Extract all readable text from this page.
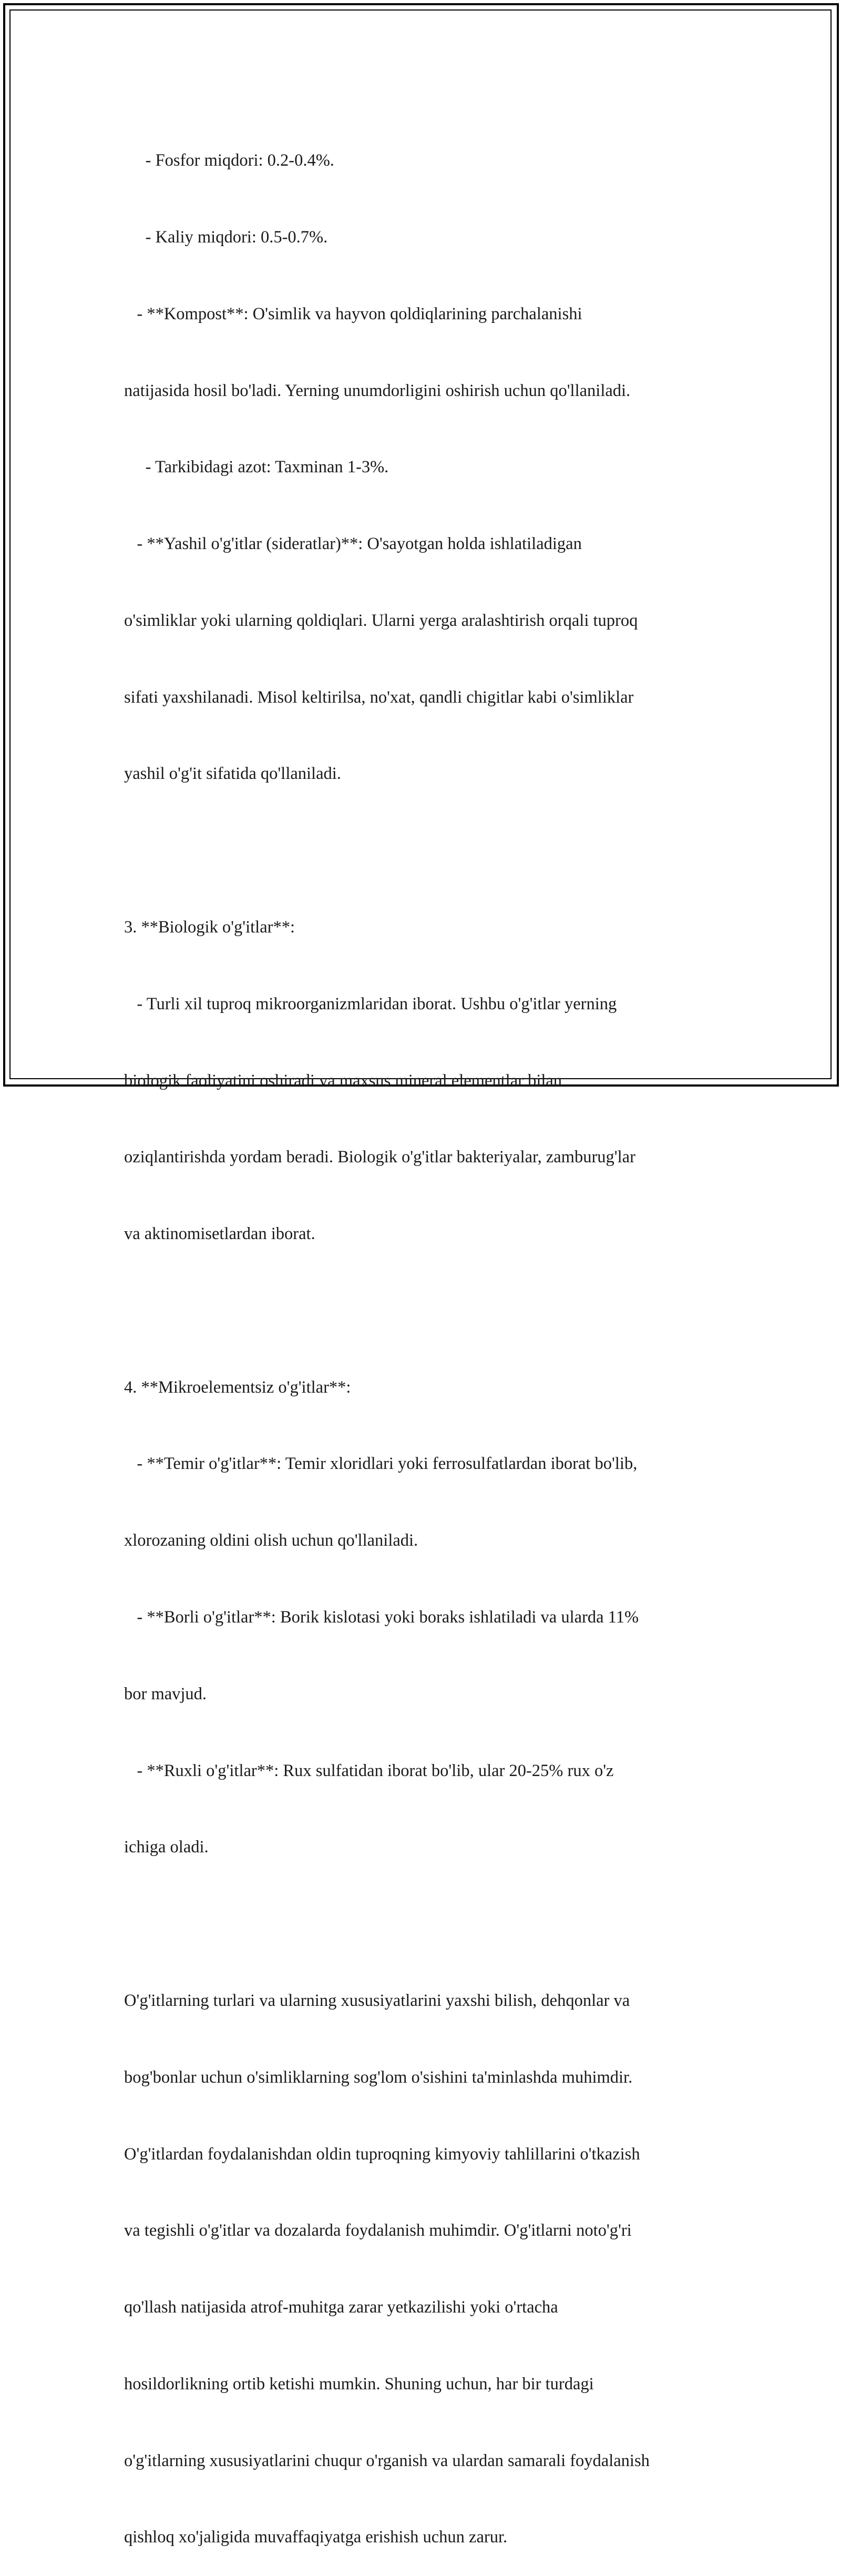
- Fosfor miqdori: 0.2-0.4%.

- Kaliy miqdori: 0.5-0.7%.

- **Kompost**: O'simlik va hayvon qoldiqlarining parchalanishi

natijasida hosil bo'ladi. Yerning unumdorligini oshirish uchun qo'llaniladi.

- Tarkibidagi azot: Taxminan 1-3%.

- **Yashil o'g'itlar (sideratlar)**: O'sayotgan holda ishlatiladigan

o'simliklar yoki ularning qoldiqlari. Ularni yerga aralashtirish orqali tuproq

sifati yaxshilanadi. Misol keltirilsa, no'xat, qandli chigitlar kabi o'simliklar

yashil o'g'it sifatida qo'llaniladi.

3. **Biologik o'g'itlar**:

- Turli xil tuproq mikroorganizmlaridan iborat. Ushbu o'g'itlar yerning

biologik faoliyatini oshiradi va maxsus mineral elementlar bilan

oziqlantirishda yordam beradi. Biologik o'g'itlar bakteriyalar, zamburug'lar

va aktinomisetlardan iborat.

4. **Mikroelementsiz o'g'itlar**:

- **Temir o'g'itlar**: Temir xloridlari yoki ferrosulfatlardan iborat bo'lib,

xlorozaning oldini olish uchun qo'llaniladi.

- **Borli o'g'itlar**: Borik kislotasi yoki boraks ishlatiladi va ularda 11%

bor mavjud.

- **Ruxli o'g'itlar**: Rux sulfatidan iborat bo'lib, ular 20-25% rux o'z

ichiga oladi.

O'g'itlarning turlari va ularning xususiyatlarini yaxshi bilish, dehqonlar va

bog'bonlar uchun o'simliklarning sog'lom o'sishini ta'minlashda muhimdir.

O'g'itlardan foydalanishdan oldin tuproqning kimyoviy tahlillarini o'tkazish

va tegishli o'g'itlar va dozalarda foydalanish muhimdir. O'g'itlarni noto'g'ri

qo'llash natijasida atrof-muhitga zarar yetkazilishi yoki o'rtacha

hosildorlikning ortib ketishi mumkin. Shuning uchun, har bir turdagi

o'g'itlarning xususiyatlarini chuqur o'rganish va ulardan samarali foydalanish

qishloq xo'jaligida muvaffaqiyatga erishish uchun zarur.
